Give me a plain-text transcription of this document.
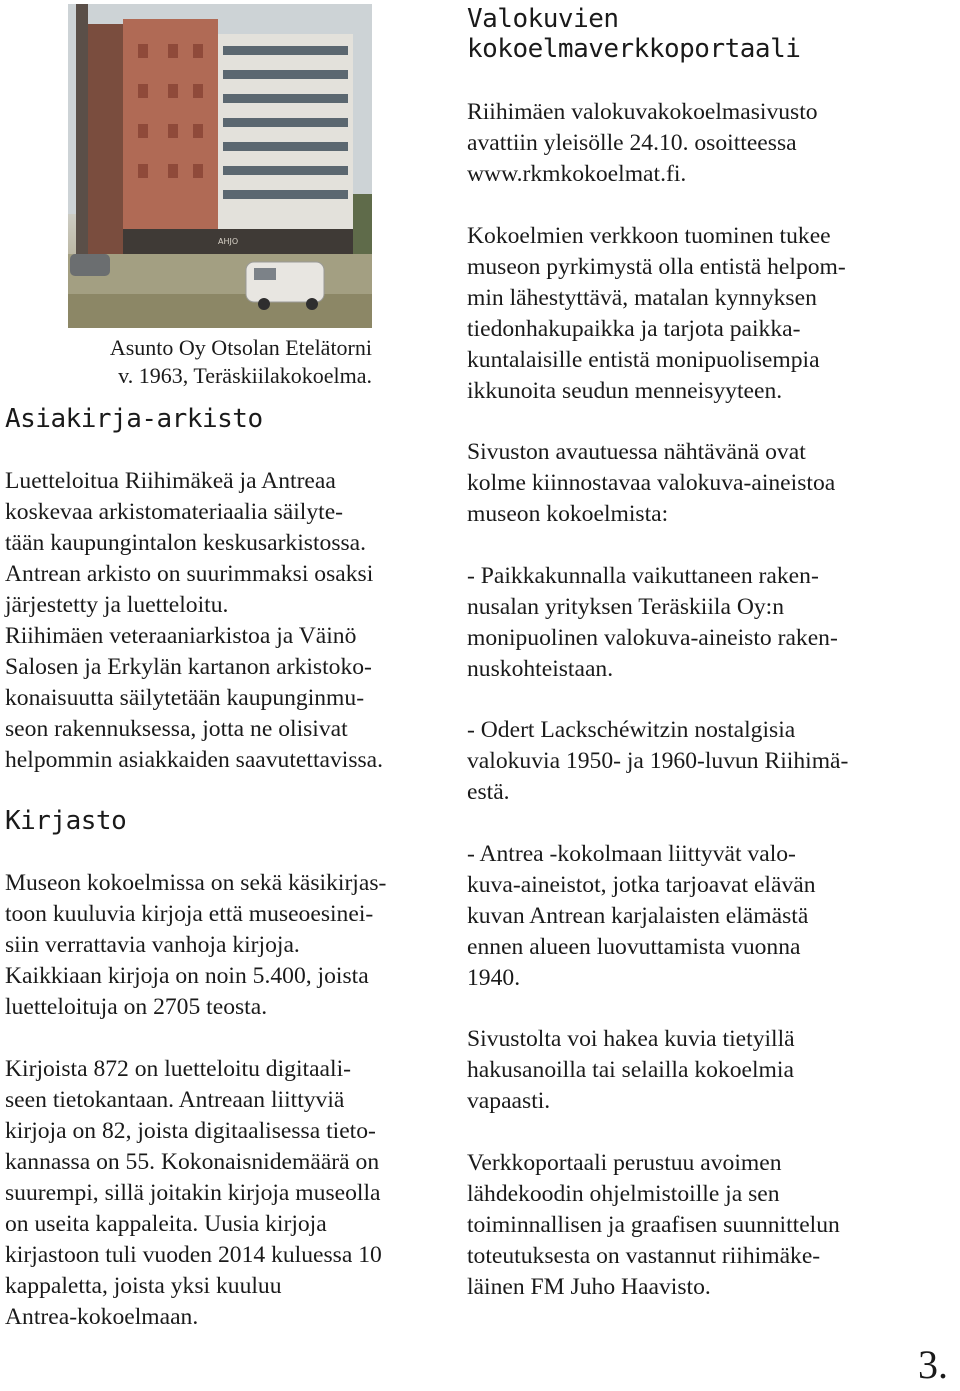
AHJO
Asunto Oy Otsolan Etelätorni
v. 1963, Teräskiilakokoelma.
Asiakirja-arkisto

Luetteloitua Riihimäkeä ja Antreaa
koskevaa arkistomateriaalia säilyte-
tään kaupungintalon keskusarkistossa.
Antrean arkisto on suurimmaksi osaksi
järjestetty ja luetteloitu.
Riihimäen veteraaniarkistoa ja Väinö
Salosen ja Erkylän kartanon arkistoko-
konaisuutta säilytetään kaupunginmu-
seon rakennuksessa, jotta ne olisivat
helpommin asiakkaiden saavutettavissa.

Kirjasto

Museon kokoelmissa on sekä käsikirjas-
toon kuuluvia kirjoja että museoesinei-
siin verrattavia vanhoja kirjoja.
Kaikkiaan kirjoja on noin 5.400, joista
luetteloituja on 2705 teosta.

Kirjoista 872 on luetteloitu digitaali-
seen tietokantaan. Antreaan liittyviä
kirjoja on 82, joista digitaalisessa tieto-
kannassa on 55. Kokonaisnidemäärä on
suurempi, sillä joitakin kirjoja museolla
on useita kappaleita. Uusia kirjoja
kirjastoon tuli vuoden 2014 kuluessa 10
kappaletta, joista yksi kuuluu
Antrea-kokoelmaan.

Valokuvien
kokoelmaverkkoportaali

Riihimäen valokuvakokoelmasivusto
avattiin yleisölle 24.10. osoitteessa
www.rkmkokoelmat.fi.

Kokoelmien verkkoon tuominen tukee
museon pyrkimystä olla entistä helpom-
min lähestyttävä, matalan kynnyksen
tiedonhakupaikka ja tarjota paikka-
kuntalaisille entistä monipuolisempia
ikkunoita seudun menneisyyteen.

Sivuston avautuessa nähtävänä ovat
kolme kiinnostavaa valokuva-aineistoa
museon kokoelmista:

- Paikkakunnalla vaikuttaneen raken-
nusalan yrityksen Teräskiila Oy:n
monipuolinen valokuva-aineisto raken-
nuskohteistaan.

- Odert Lackschéwitzin nostalgisia
valokuvia 1950- ja 1960-luvun Riihimä-
estä.

- Antrea -kokolmaan liittyvät valo-
kuva-aineistot, jotka tarjoavat elävän
kuvan Antrean karjalaisten elämästä
ennen alueen luovuttamista vuonna
1940.

Sivustolta voi hakea kuvia tietyillä
hakusanoilla tai selailla kokoelmia
vapaasti.

Verkkoportaali perustuu avoimen
lähdekoodin ohjelmistoille ja sen
toiminnallisen ja graafisen suunnittelun
toteutuksesta on vastannut riihimäke-
läinen FM Juho Haavisto.

3.
